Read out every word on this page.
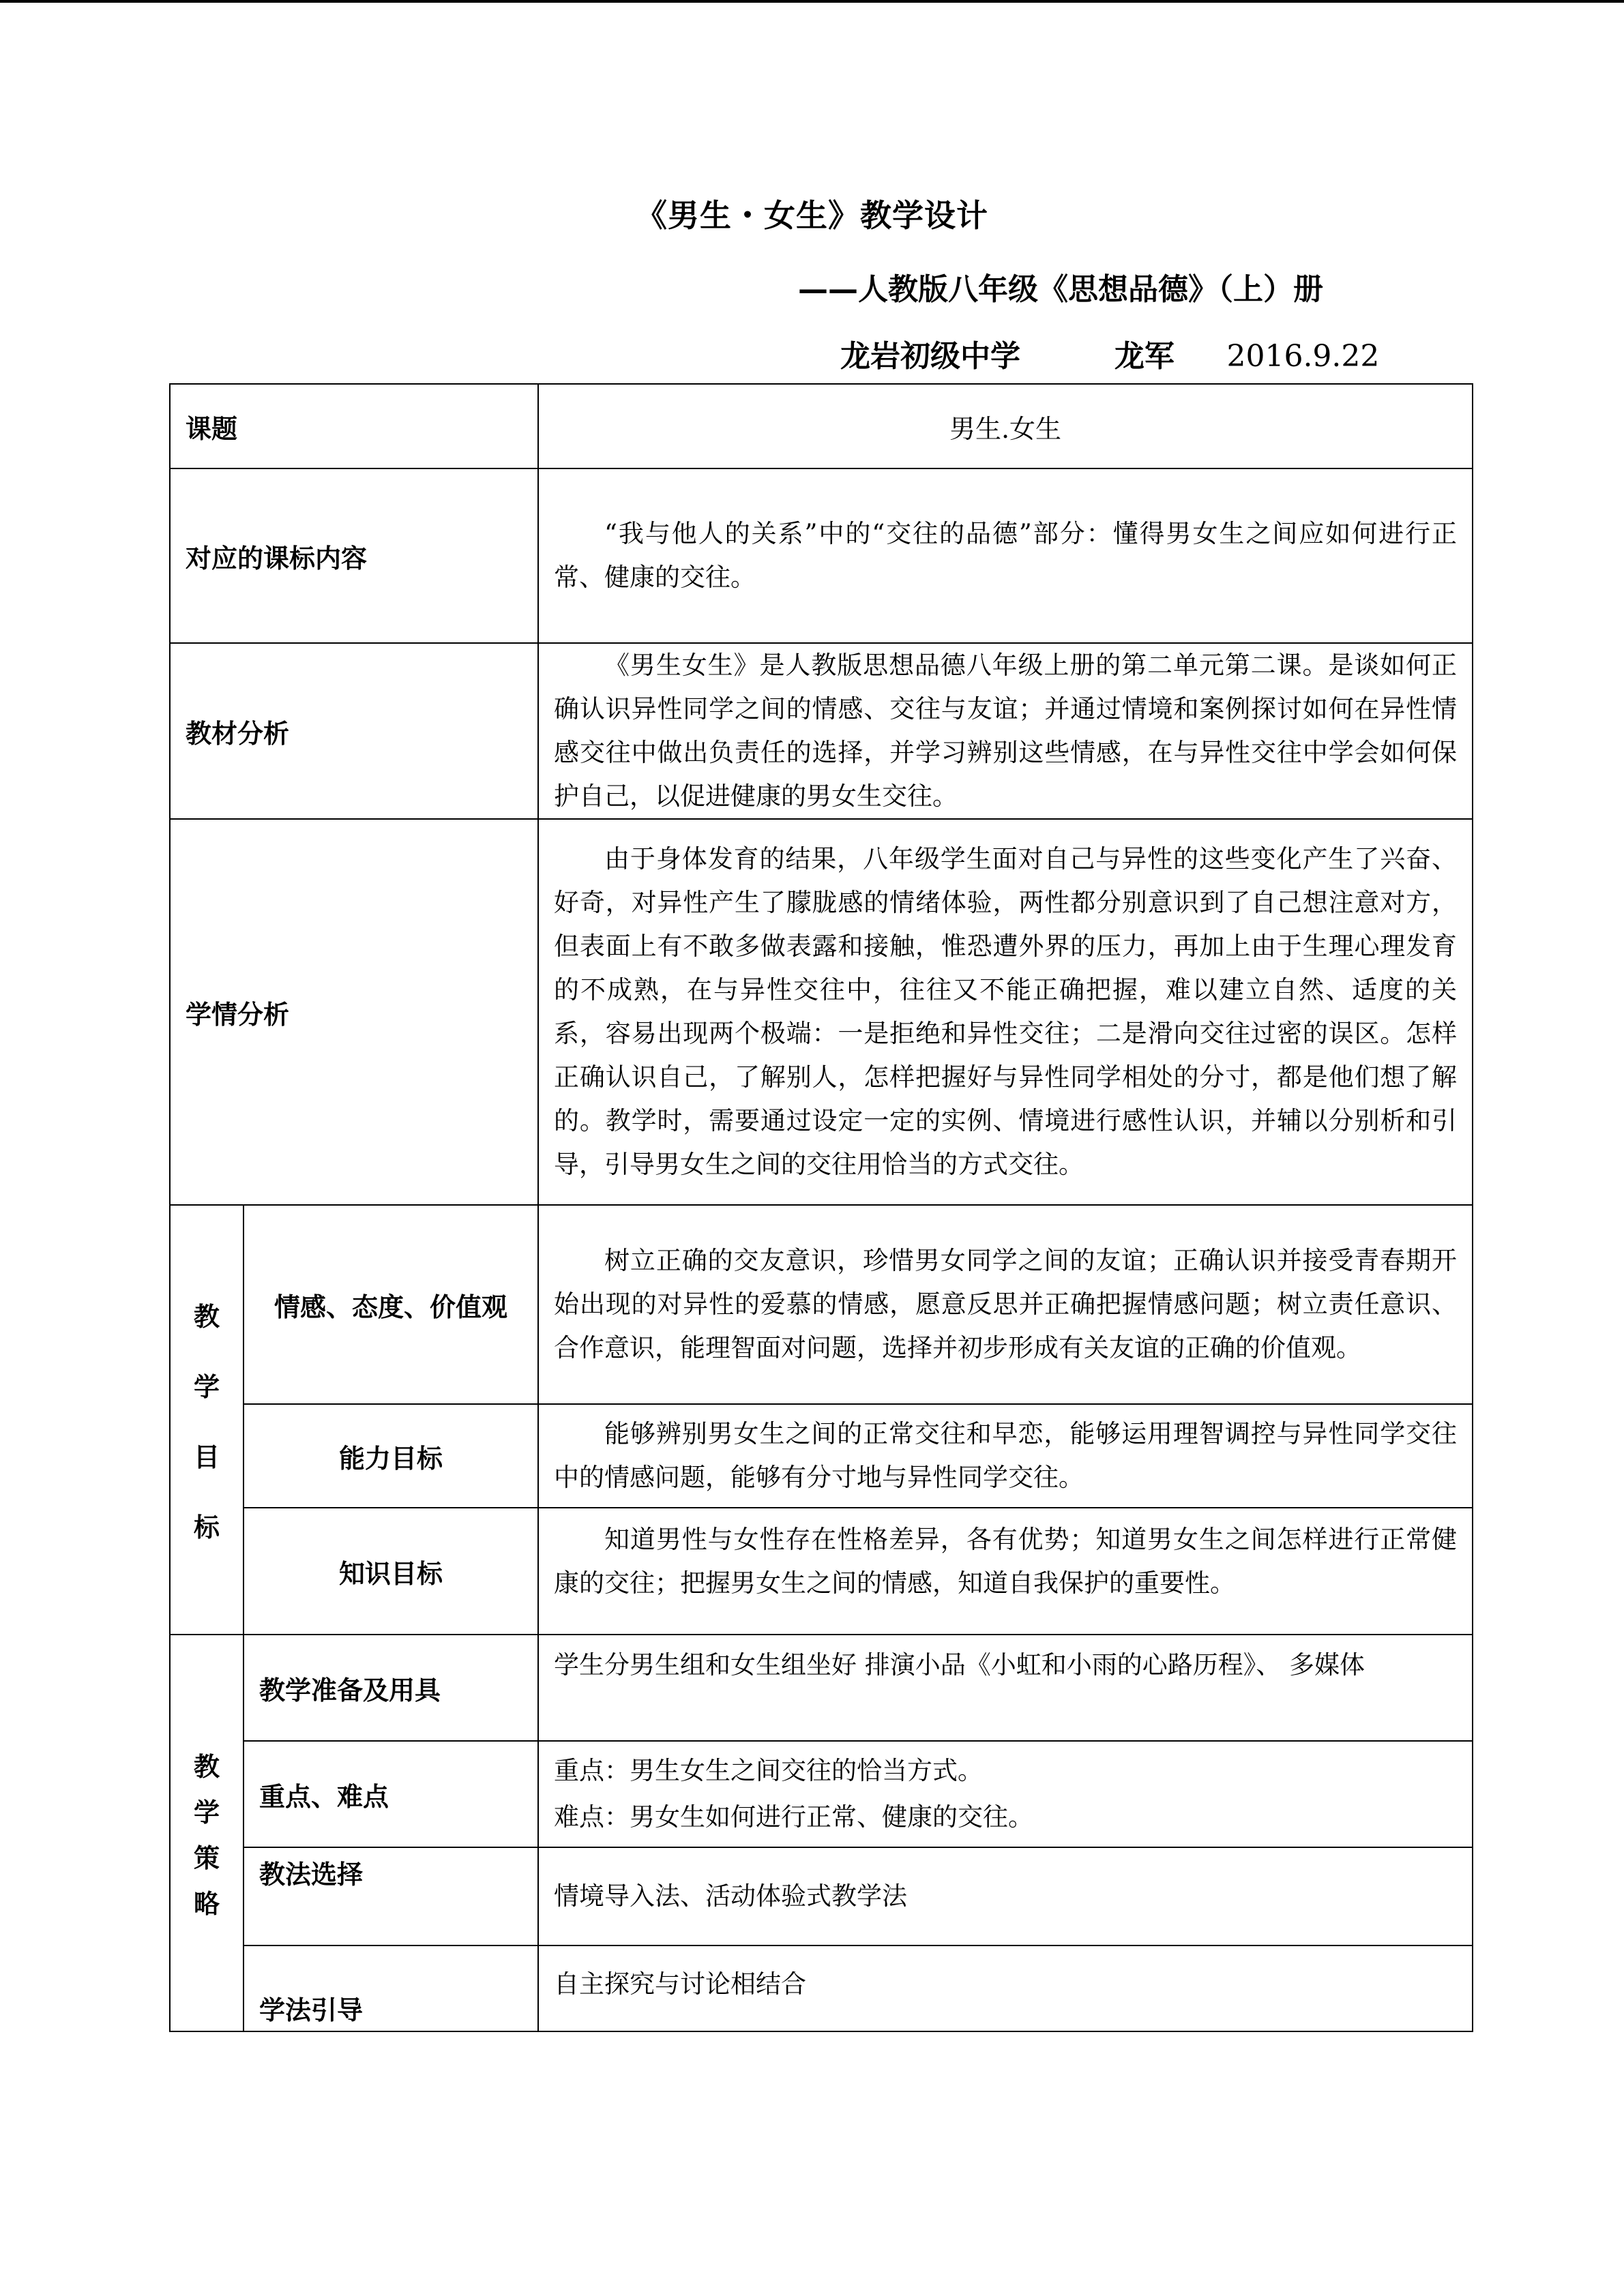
《男生・女生》教学设计
——人教版八年级《思想品德》（上）册
龙岩初级中学	龙军 2016.9.22
课题		男生.女生
对应的课标内容		“我与他人的关系”中的“交往的品德”部分：懂得男女生之间应如何进行正常、健康的交往。
教材分析		《男生女生》是人教版思想品德八年级上册的第二单元第二课。是谈如何正确认识异性同学之间的情感、交往与友谊；并通过情境和案例探讨如何在异性情感交往中做出负责任的选择，并学习辨别这些情感，在与异性交往中学会如何保护自己，以促进健康的男女生交往。
学情分析		由于身体发育的结果，八年级学生面对自己与异性的这些变化产生了兴奋、好奇，对异性产生了朦胧感的情绪体验，两性都分别意识到了自己想注意对方，但表面上有不敢多做表露和接触，惟恐遭外界的压力，再加上由于生理心理发育的不成熟，在与异性交往中，往往又不能正确把握，难以建立自然、适度的关系，容易出现两个极端：一是拒绝和异性交往；二是滑向交往过密的误区。怎样正确认识自己，了解别人，怎样把握好与异性同学相处的分寸，都是他们想了解的。教学时，需要通过设定一定的实例、情境进行感性认识，并辅以分别析和引导，引导男女生之间的交往用恰当的方式交往。

教
学
目
标	情感、态度、价值观	树立正确的交友意识，珍惜男女同学之间的友谊；正确认识并接受青春期开始出现的对异性的爱慕的情感，愿意反思并正确把握情感问题；树立责任意识、合作意识，能理智面对问题，选择并初步形成有关友谊的正确的价值观。
	能力目标	能够辨别男女生之间的正常交往和早恋，能够运用理智调控与异性同学交往中的情感问题，能够有分寸地与异性同学交往。
	知识目标	知道男性与女性存在性格差异，各有优势；知道男女生之间怎样进行正常健康的交往；把握男女生之间的情感，知道自我保护的重要性。

教
学
策
略	教学准备及用具	学生分男生组和女生组坐好 排演小品《小虹和小雨的心路历程》、 多媒体
	重点、难点	重点：男生女生之间交往的恰当方式。
难点：男女生如何进行正常、健康的交往。

	教法选择	情境导入法、活动体验式教学法
	学法引导	自主探究与讨论相结合
